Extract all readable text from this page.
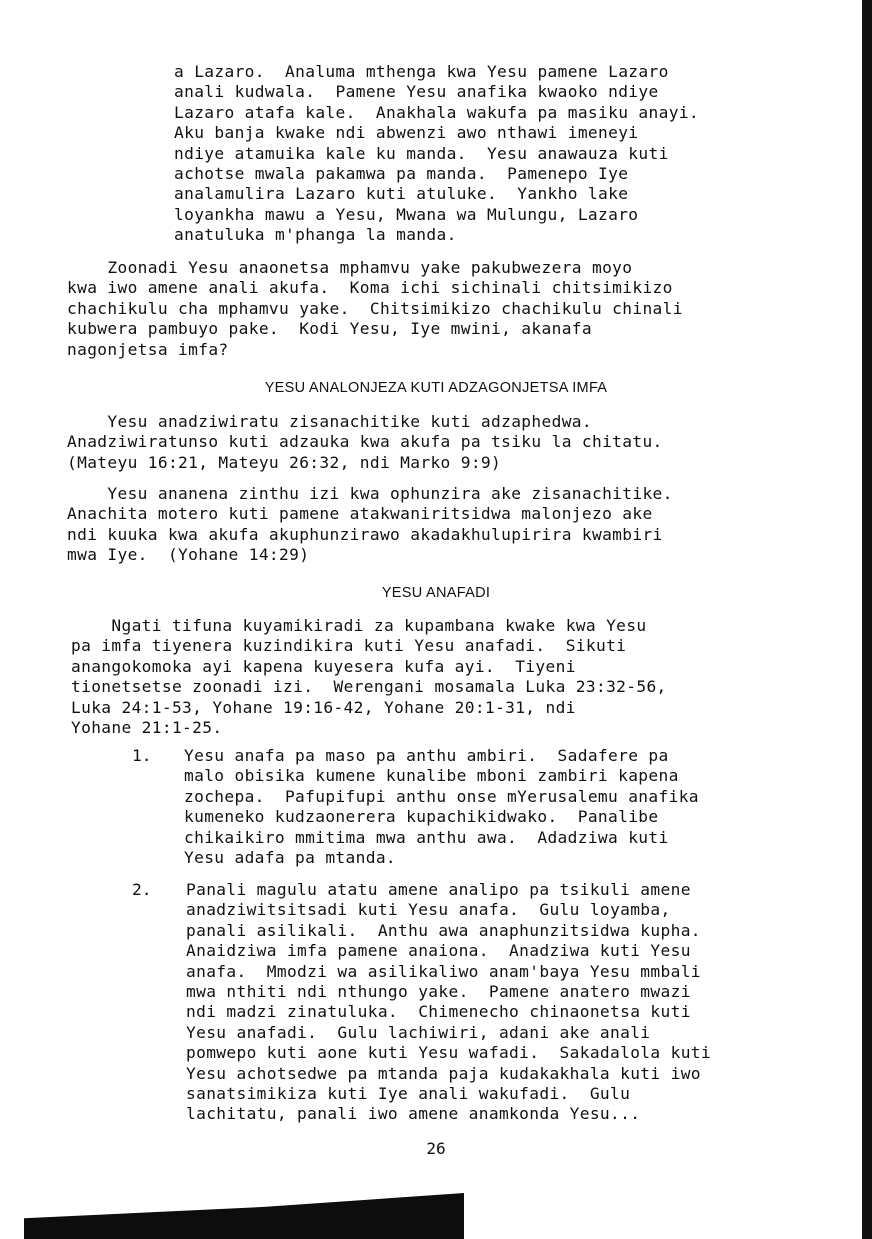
a Lazaro.  Analuma mthenga kwa Yesu pamene Lazaro
anali kudwala.  Pamene Yesu anafika kwaoko ndiye
Lazaro atafa kale.  Anakhala wakufa pa masiku anayi.
Aku banja kwake ndi abwenzi awo nthawi imeneyi
ndiye atamuika kale ku manda.  Yesu anawauza kuti
achotse mwala pakamwa pa manda.  Pamenepo Iye
analamulira Lazaro kuti atuluke.  Yankho lake
loyankha mawu a Yesu, Mwana wa Mulungu, Lazaro
anatuluka m'phanga la manda.
Zoonadi Yesu anaonetsa mphamvu yake pakubwezera moyo
kwa iwo amene anali akufa.  Koma ichi sichinali chitsimikizo
chachikulu cha mphamvu yake.  Chitsimikizo chachikulu chinali
kubwera pambuyo pake.  Kodi Yesu, Iye mwini, akanafa
nagonjetsa imfa?
YESU ANALONJEZA KUTI ADZAGONJETSA IMFA
Yesu anadziwiratu zisanachitike kuti adzaphedwa.
Anadziwiratunso kuti adzauka kwa akufa pa tsiku la chitatu.
(Mateyu 16:21, Mateyu 26:32, ndi Marko 9:9)
Yesu ananena zinthu izi kwa ophunzira ake zisanachitike.
Anachita motero kuti pamene atakwaniritsidwa malonjezo ake
ndi kuuka kwa akufa akuphunzirawo akadakhulupirira kwambiri
mwa Iye.  (Yohane 14:29)
YESU ANAFADI
Ngati tifuna kuyamikiradi za kupambana kwake kwa Yesu
pa imfa tiyenera kuzindikira kuti Yesu anafadi.  Sikuti
anangokomoka ayi kapena kuyesera kufa ayi.  Tiyeni
tionetsetse zoonadi izi.  Werengani mosamala Luka 23:32-56,
Luka 24:1-53, Yohane 19:16-42, Yohane 20:1-31, ndi
Yohane 21:1-25.
1. Yesu anafa pa maso pa anthu ambiri.  Sadafere pa
malo obisika kumene kunalibe mboni zambiri kapena
zochepa.  Pafupifupi anthu onse mYerusalemu anafika
kumeneko kudzaonerera kupachikidwako.  Panalibe
chikaikiro mmitima mwa anthu awa.  Adadziwa kuti
Yesu adafa pa mtanda.
2. Panali magulu atatu amene analipo pa tsikuli amene
anadziwitsitsadi kuti Yesu anafa.  Gulu loyamba,
panali asilikali.  Anthu awa anaphunzitsidwa kupha.
Anaidziwa imfa pamene anaiona.  Anadziwa kuti Yesu
anafa.  Mmodzi wa asilikaliwo anam'baya Yesu mmbali
mwa nthiti ndi nthungo yake.  Pamene anatero mwazi
ndi madzi zinatuluka.  Chimenecho chinaonetsa kuti
Yesu anafadi.  Gulu lachiwiri, adani ake anali
pomwepo kuti aone kuti Yesu wafadi.  Sakadalola kuti
Yesu achotsedwe pa mtanda paja kudakakhala kuti iwo
sanatsimikiza kuti Iye anali wakufadi.  Gulu
lachitatu, panali iwo amene anamkonda Yesu...
26
